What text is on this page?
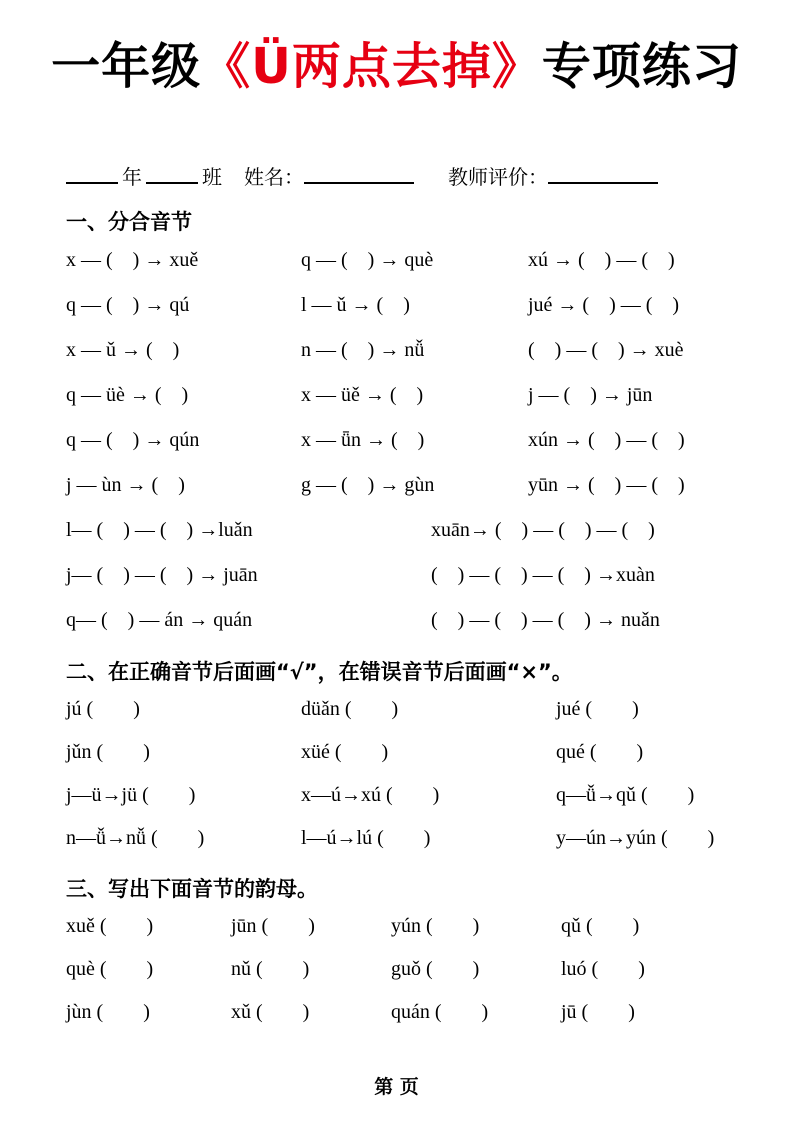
一年级《Ü两点去掉》专项练习
年	班 姓名：	教师评价：
一、分合音节
x — (　) → xuě	q — (　) → què	xú → (　) — (　)
q — (　) → qú	l — ǔ → (　)	jué → (　) — (　)
x — ǔ → (　)	n — (　) → nǚ	(　) — (　) → xuè
q — üè → (　)	x — üě → (　)	j — (　) → jūn
q — (　) → qún	x — ǖn → (　)	xún → (　) — (　)
j — ùn → (　)	g — (　) → gùn	yūn → (　) — (　)
l— (　) — (　) →luǎn	xuān→ (　) — (　) — (　)
j— (　) — (　) → juān	(　) — (　) — (　) →xuàn
q— (　) — án → quán	(　) — (　) — (　) → nuǎn
二、在正确音节后面画“√”，在错误音节后面画“×”。
jú (　　)	düǎn (　　)	jué (　　)
jǔn (　　)	xüé (　　)	qué (　　)
j—ü→jü (　　)	x—ú→xú (　　)	q—ǚ→qǔ (　　)
n—ǚ→nǚ (　　)	l—ú→lú (　　)	y—ún→yún (　　)
三、写出下面音节的韵母。
xuě (　　)	jūn (　　)	yún (　　)	qǔ (　　)
què (　　)	nǔ (　　)	guǒ (　　)	luó (　　)
jùn (　　)	xǔ (　　)	quán (　　)	jū (　　)
第 页
